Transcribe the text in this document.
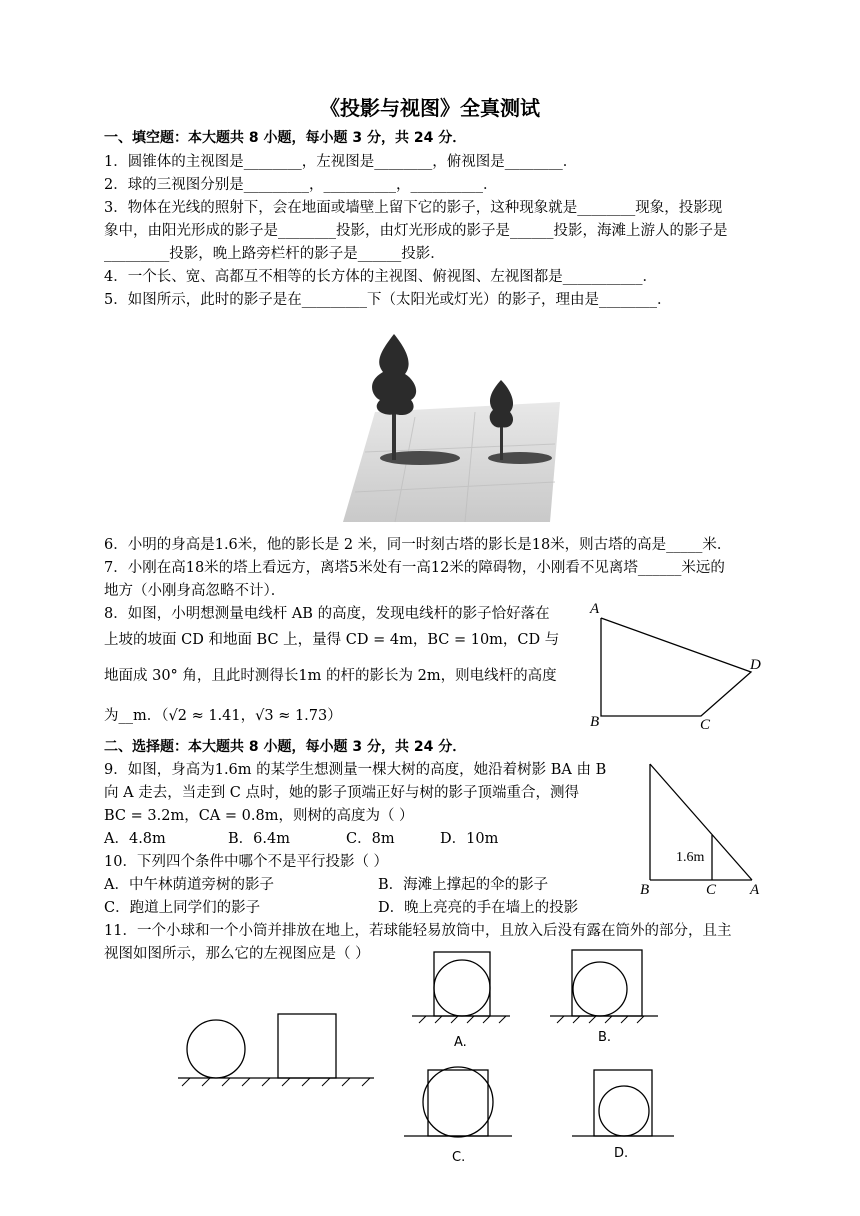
《投影与视图》全真测试
一、填空题：本大题共 8 小题，每小题 3 分，共 24 分．
1．圆锥体的主视图是________，左视图是________，俯视图是________．
2．球的三视图分别是_________，__________，__________．
3．物体在光线的照射下，会在地面或墙壁上留下它的影子，这种现象就是________现象，投影现
象中，由阳光形成的影子是________投影，由灯光形成的影子是______投影，海滩上游人的影子是
_________投影，晚上路旁栏杆的影子是______投影．
4．一个长、宽、高都互不相等的长方体的主视图、俯视图、左视图都是___________．
5．如图所示，此时的影子是在_________下（太阳光或灯光）的影子，理由是________．
6．小明的身高是1.6米，他的影长是 2 米，同一时刻古塔的影长是18米，则古塔的高是_____米．
7．小刚在高18米的塔上看远方，离塔5米处有一高12米的障碍物，小刚看不见离塔______米远的
地方（小刚身高忽略不计）．
8．如图，小明想测量电线杆 AB 的高度，发现电线杆的影子恰好落在
上坡的坡面 CD 和地面 BC 上，量得 CD = 4m，BC = 10m，CD 与
地面成 30° 角，且此时测得长1m 的杆的影长为 2m，则电线杆的高度
为__m．（√2 ≈ 1.41，√3 ≈ 1.73）
A
B	C
D
二、选择题：本大题共 8 小题，每小题 3 分，共 24 分．
9．如图，身高为1.6m 的某学生想测量一棵大树的高度，她沿着树影 BA 由 B
向 A 走去，当走到 C 点时，她的影子顶端正好与树的影子顶端重合，测得
BC = 3.2m，CA = 0.8m，则树的高度为（ ）
A．4.8m	B．6.4m	C．8m	D．10m
1.6m
B	C A
10．下列四个条件中哪个不是平行投影（ ）
A．中午林荫道旁树的影子	B．海滩上撑起的伞的影子
C．跑道上同学们的影子	D．晚上亮亮的手在墙上的投影
11．一个小球和一个小筒并排放在地上，若球能轻易放筒中，且放入后没有露在筒外的部分，且主
视图如图所示，那么它的左视图应是（ ）
A.	B.
C.	D.
